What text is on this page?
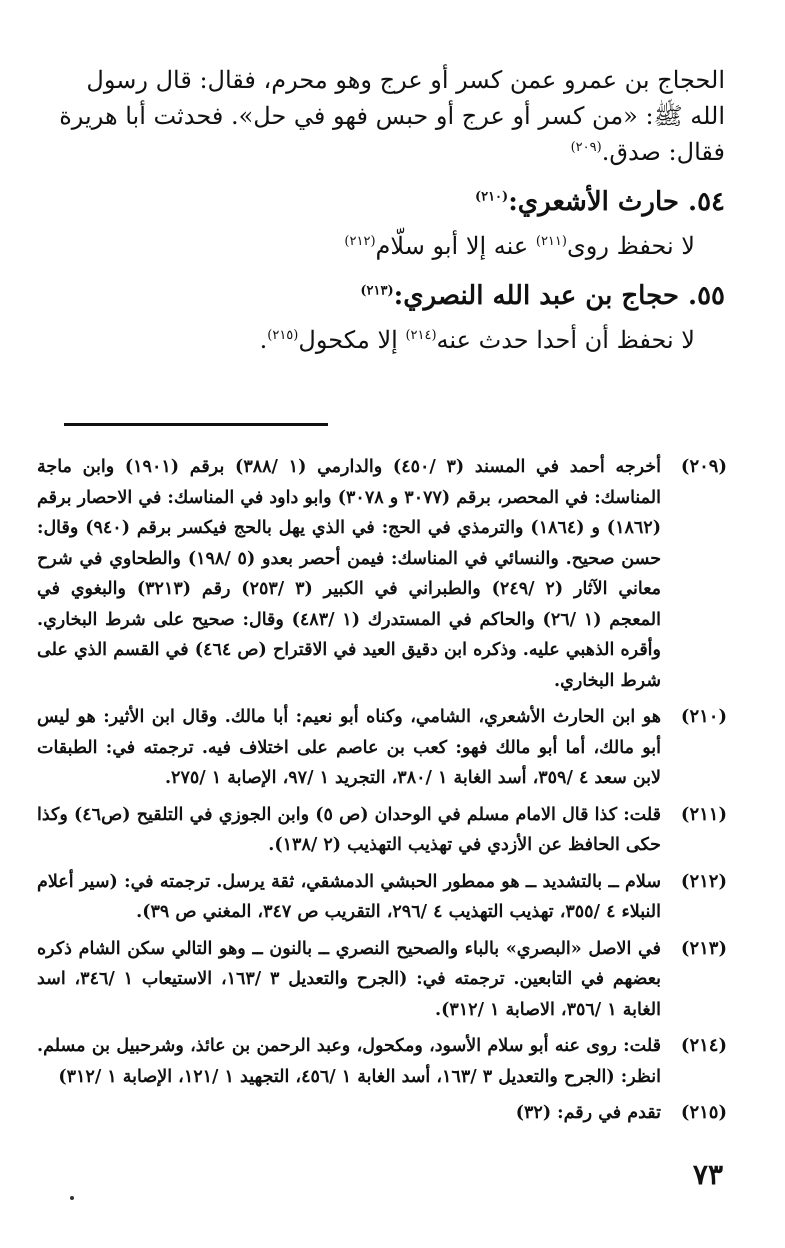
الحجاج بن عمرو عمن كسر أو عرج وهو محرم، فقال: قال رسول الله ﷺ: «من كسر أو عرج أو حبس فهو في حل». فحدثت أبا هريرة فقال: صدق.$^{(٢٠٩)}$

٥٤. حارث الأشعري:$^{(٢١٠)}$
لا نحفظ روى$^{(٢١١)}$ عنه إلا أبو سلّام$^{(٢١٢)}$
٥٥. حجاج بن عبد الله النصري:$^{(٢١٣)}$
لا نحفظ أن أحدا حدث عنه$^{(٢١٤)}$ إلا مكحول$^{(٢١٥)}$.
(٢٠٩)
أخرجه أحمد في المسند (٣ /٤٥٠) والدارمي (١ /٣٨٨) برقم (١٩٠١) وابن ماجة المناسك: في المحصر، برقم (٣٠٧٧ و ٣٠٧٨) وابو داود في المناسك: في الاحصار برقم (١٨٦٢) و (١٨٦٤) والترمذي في الحج: في الذي يهل بالحج فيكسر برقم (٩٤٠) وقال: حسن صحيح. والنسائي في المناسك: فيمن أحصر بعدو (٥ /١٩٨) والطحاوي في شرح معاني الآثار (٢ /٢٤٩) والطبراني في الكبير (٣ /٢٥٣) رقم (٣٢١٣) والبغوي في المعجم (١ /٢٦) والحاكم في المستدرك (١ /٤٨٣) وقال: صحيح على شرط البخاري. وأقره الذهبي عليه. وذكره ابن دقيق العيد في الاقتراح (ص ٤٦٤) في القسم الذي على شرط البخاري.
(٢١٠)
هو ابن الحارث الأشعري، الشامي، وكناه أبو نعيم: أبا مالك. وقال ابن الأثير: هو ليس أبو مالك، أما أبو مالك فهو: كعب بن عاصم على اختلاف فيه. ترجمته في: الطبقات لابن سعد ٤ /٣٥٩، أسد الغابة ١ /٣٨٠، التجريد ١ /٩٧، الإصابة ١ /٢٧٥.
(٢١١)
قلت: كذا قال الامام مسلم في الوحدان (ص ٥) وابن الجوزي في التلقيح (ص٤٦) وكذا حكى الحافظ عن الأزدي في تهذيب التهذيب (٢ /١٣٨).
(٢١٢)
سلام ــ بالتشديد ــ هو ممطور الحبشي الدمشقي، ثقة يرسل. ترجمته في: (سير أعلام النبلاء ٤ /٣٥٥، تهذيب التهذيب ٤ /٢٩٦، التقريب ص ٣٤٧، المغني ص ٣٩).
(٢١٣)
في الاصل «البصري» بالباء والصحيح النصري ــ بالنون ــ وهو التالي سكن الشام ذكره بعضهم في التابعين. ترجمته في: (الجرح والتعديل ٣ /١٦٣، الاستيعاب ١ /٣٤٦، اسد الغابة ١ /٣٥٦، الاصابة ١ /٣١٢).
(٢١٤)
قلت: روى عنه أبو سلام الأسود، ومكحول، وعبد الرحمن بن عائذ، وشرحبيل بن مسلم. انظر: (الجرح والتعديل ٣ /١٦٣، أسد الغابة ١ /٤٥٦، التجهيد ١ /١٢١، الإصابة ١ /٣١٢)
(٢١٥)
تقدم في رقم: (٣٢)
٧٣
